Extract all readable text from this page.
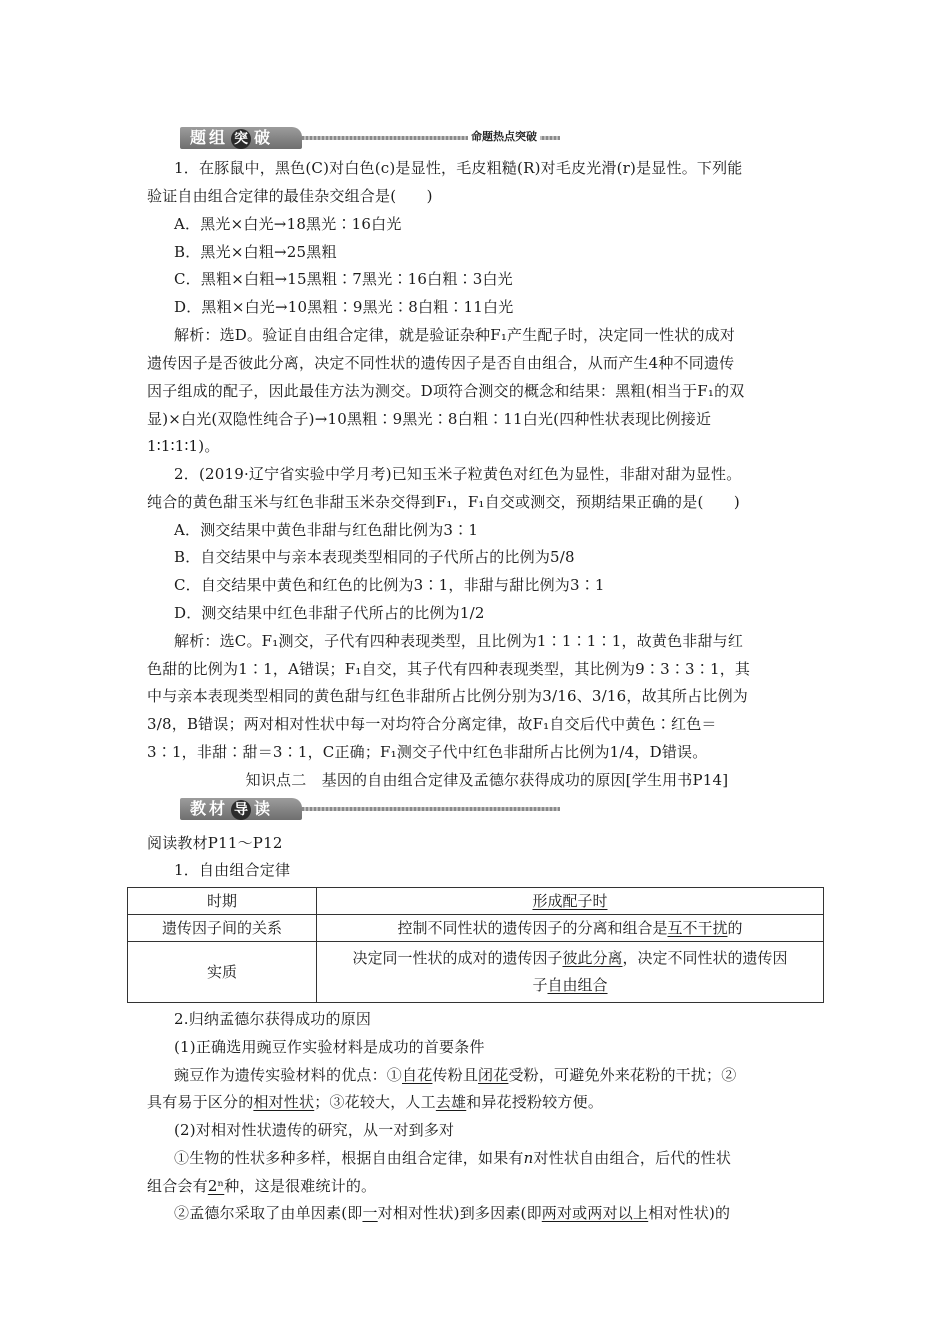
题组 突 破	命题热点突破
1．在豚鼠中，黑色(C)对白色(c)是显性，毛皮粗糙(R)对毛皮光滑(r)是显性。下列能
验证自由组合定律的最佳杂交组合是(　　)
A．黑光×白光→18黑光∶16白光
B．黑光×白粗→25黑粗
C．黑粗×白粗→15黑粗∶7黑光∶16白粗∶3白光
D．黑粗×白光→10黑粗∶9黑光∶8白粗∶11白光
解析：选D。验证自由组合定律，就是验证杂种F₁产生配子时，决定同一性状的成对
遗传因子是否彼此分离，决定不同性状的遗传因子是否自由组合，从而产生4种不同遗传
因子组成的配子，因此最佳方法为测交。D项符合测交的概念和结果：黑粗(相当于F₁的双
显)×白光(双隐性纯合子)→10黑粗∶9黑光∶8白粗∶11白光(四种性状表现比例接近
1∶1∶1∶1)。
2．(2019·辽宁省实验中学月考)已知玉米子粒黄色对红色为显性，非甜对甜为显性。
纯合的黄色甜玉米与红色非甜玉米杂交得到F₁，F₁自交或测交，预期结果正确的是(　　)
A．测交结果中黄色非甜与红色甜比例为3∶1
B．自交结果中与亲本表现类型相同的子代所占的比例为5/8
C．自交结果中黄色和红色的比例为3∶1，非甜与甜比例为3∶1
D．测交结果中红色非甜子代所占的比例为1/2
解析：选C。F₁测交，子代有四种表现类型，且比例为1∶1∶1∶1，故黄色非甜与红
色甜的比例为1∶1，A错误；F₁自交，其子代有四种表现类型，其比例为9∶3∶3∶1，其
中与亲本表现类型相同的黄色甜与红色非甜所占比例分别为3/16、3/16，故其所占比例为
3/8，B错误；两对相对性状中每一对均符合分离定律，故F₁自交后代中黄色∶红色＝
3∶1，非甜∶甜＝3∶1，C正确；F₁测交子代中红色非甜所占比例为1/4，D错误。
知识点二　基因的自由组合定律及孟德尔获得成功的原因[学生用书P14]
教材 导 读
阅读教材P11～P12
1．自由组合定律
时期	形成配子时
遗传因子间的关系	控制不同性状的遗传因子的分离和组合是互不干扰的
实质	决定同一性状的成对的遗传因子彼此分离，决定不同性状的遗传因
子自由组合
2.归纳孟德尔获得成功的原因
(1)正确选用豌豆作实验材料是成功的首要条件
豌豆作为遗传实验材料的优点：①自花传粉且闭花受粉，可避免外来花粉的干扰；②
具有易于区分的相对性状；③花较大，人工去雄和异花授粉较方便。
(2)对相对性状遗传的研究，从一对到多对
①生物的性状多种多样，根据自由组合定律，如果有n对性状自由组合，后代的性状
组合会有2ⁿ种，这是很难统计的。
②孟德尔采取了由单因素(即一对相对性状)到多因素(即两对或两对以上相对性状)的
